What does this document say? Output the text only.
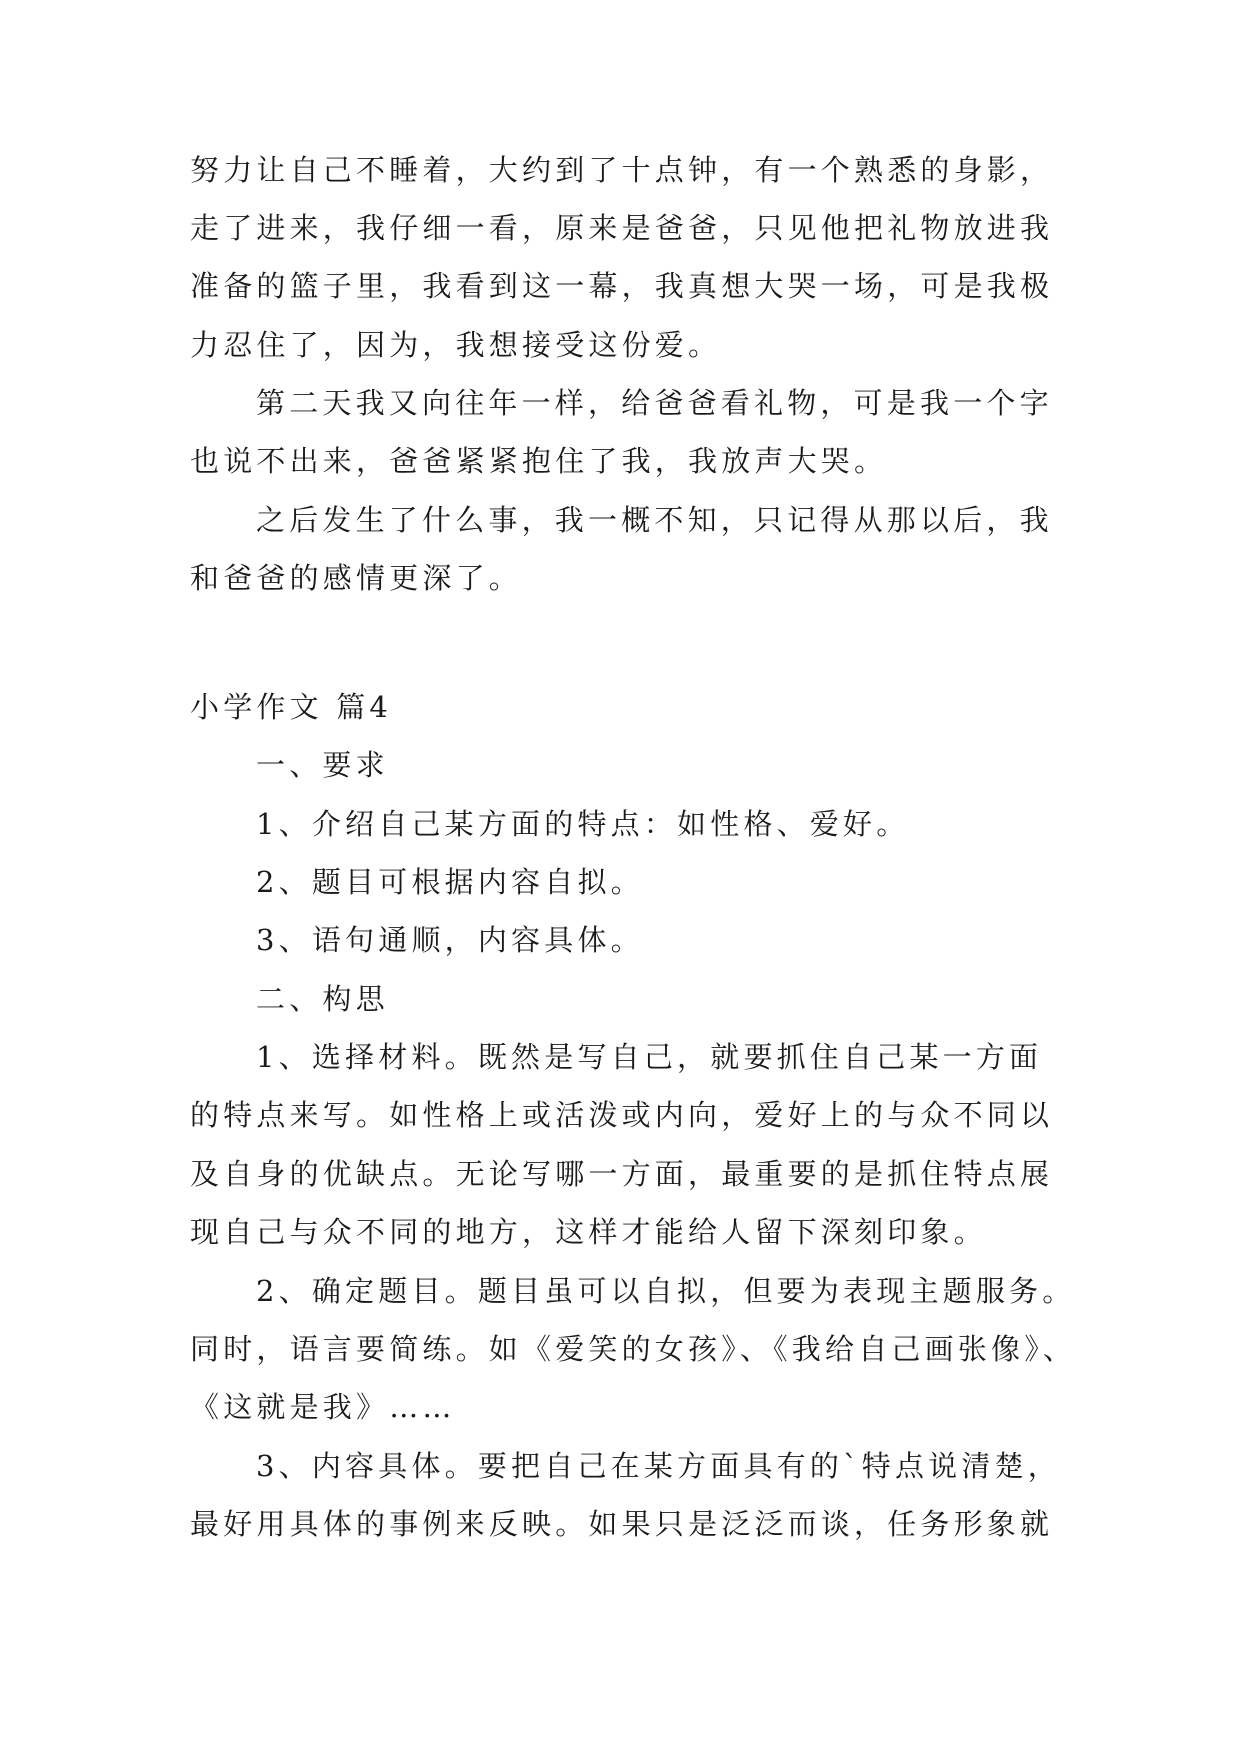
努力让自己不睡着，大约到了十点钟，有一个熟悉的身影，
走了进来，我仔细一看，原来是爸爸，只见他把礼物放进我
准备的篮子里，我看到这一幕，我真想大哭一场，可是我极
力忍住了，因为，我想接受这份爱。
第二天我又向往年一样，给爸爸看礼物，可是我一个字
也说不出来，爸爸紧紧抱住了我，我放声大哭。
之后发生了什么事，我一概不知，只记得从那以后，我
和爸爸的感情更深了。
小学作文 篇4
一、要求
1、介绍自己某方面的特点：如性格、爱好。
2、题目可根据内容自拟。
3、语句通顺，内容具体。
二、构思
1、选择材料。既然是写自己，就要抓住自己某一方面
的特点来写。如性格上或活泼或内向，爱好上的与众不同以
及自身的优缺点。无论写哪一方面，最重要的是抓住特点展
现自己与众不同的地方，这样才能给人留下深刻印象。
2、确定题目。题目虽可以自拟，但要为表现主题服务。
同时，语言要简练。如《爱笑的女孩》、《我给自己画张像》、
《这就是我》……
3、内容具体。要把自己在某方面具有的`特点说清楚，
最好用具体的事例来反映。如果只是泛泛而谈，任务形象就
